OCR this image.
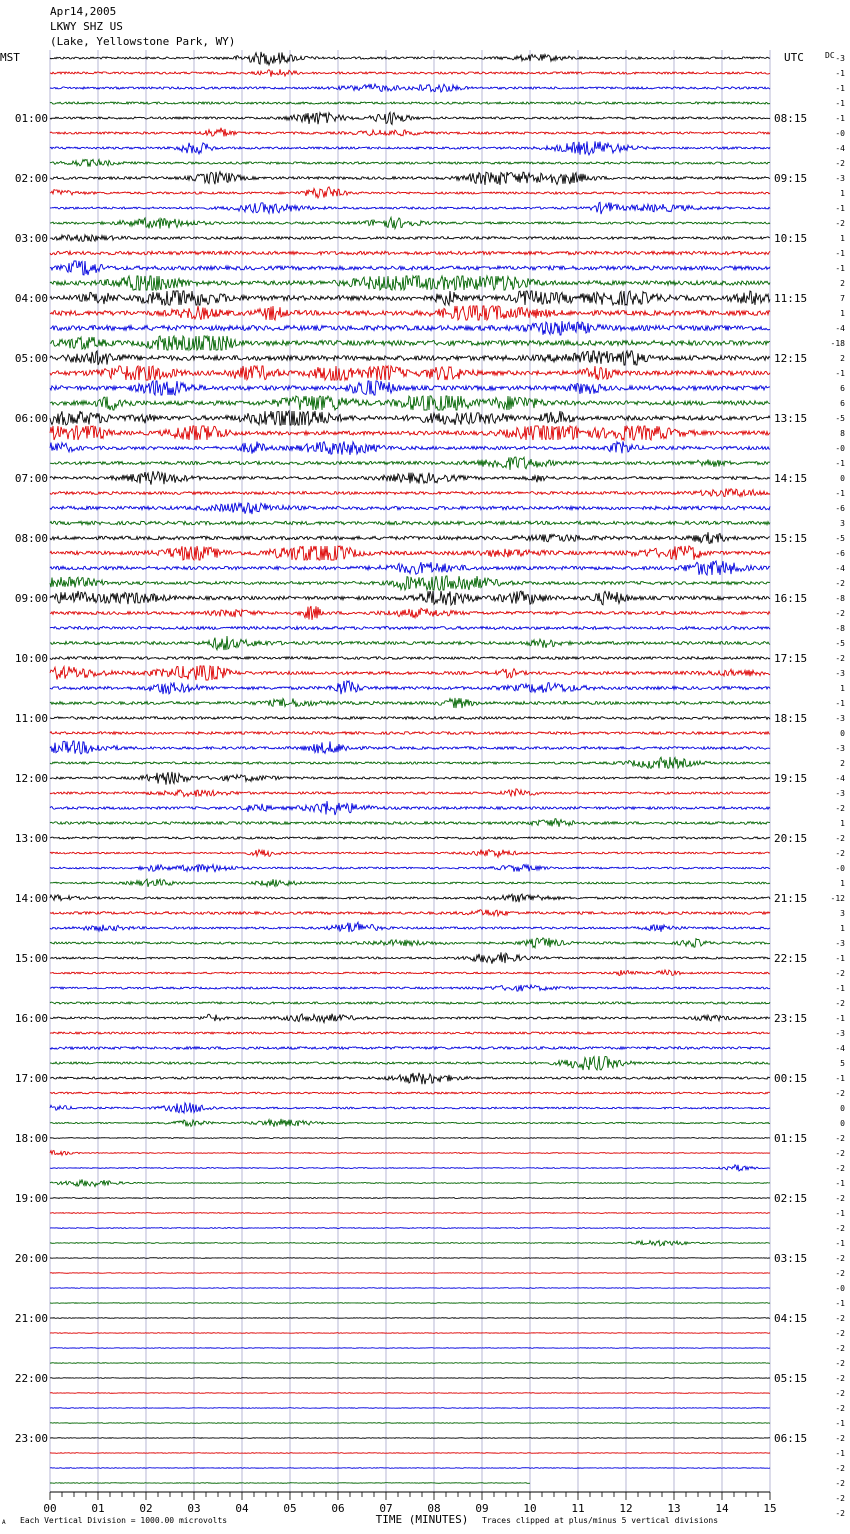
Apr14,2005
LKWY SHZ US
(Lake, Yellowstone Park, WY)
MST	UTC	DC
01:00
02:00
03:00
04:00
05:00
06:00
07:00
08:00
09:00
10:00
11:00
12:00
13:00
14:00
15:00
16:00
17:00
18:00
19:00
20:00
21:00
22:00
23:00
08:15
09:15
10:15
11:15
12:15
13:15
14:15
15:15
16:15
17:15
18:15
19:15
20:15
21:15
22:15
23:15
00:15
01:15
02:15
03:15
04:15
05:15
06:15
-3
-1
-1
-1
-1
-0
-4
-2
-3
1
-1
-2
1
-1
-1
2
7
1
-4
-18
2
-1
6
6
-5
8
-0
-1
0
-1
-6
3
-5
-6
-4
-2
-8
-2
-8
-5
-2
-3
1
-1
-3
0
-3
2
-4
-3
-2
1
-2
-2
-0
1
-12
3
1
-3
-1
-2
-1
-2
-1
-3
-4
5
-1
-2
0
0
-2
-2
-2
-1
-2
-1
-2
-1
-2
-2
-0
-1
-2
-2
-2
-2
-2
-2
-2
-1
-2
-1
-2
-2
-2
-2
00	01	02	03	04	05	06	07	08	09	10	11	12	13	14	15
TIME (MINUTES)
Each Vertical Division = 1000.00 microvolts	Traces clipped at plus/minus 5 vertical divisions
A
